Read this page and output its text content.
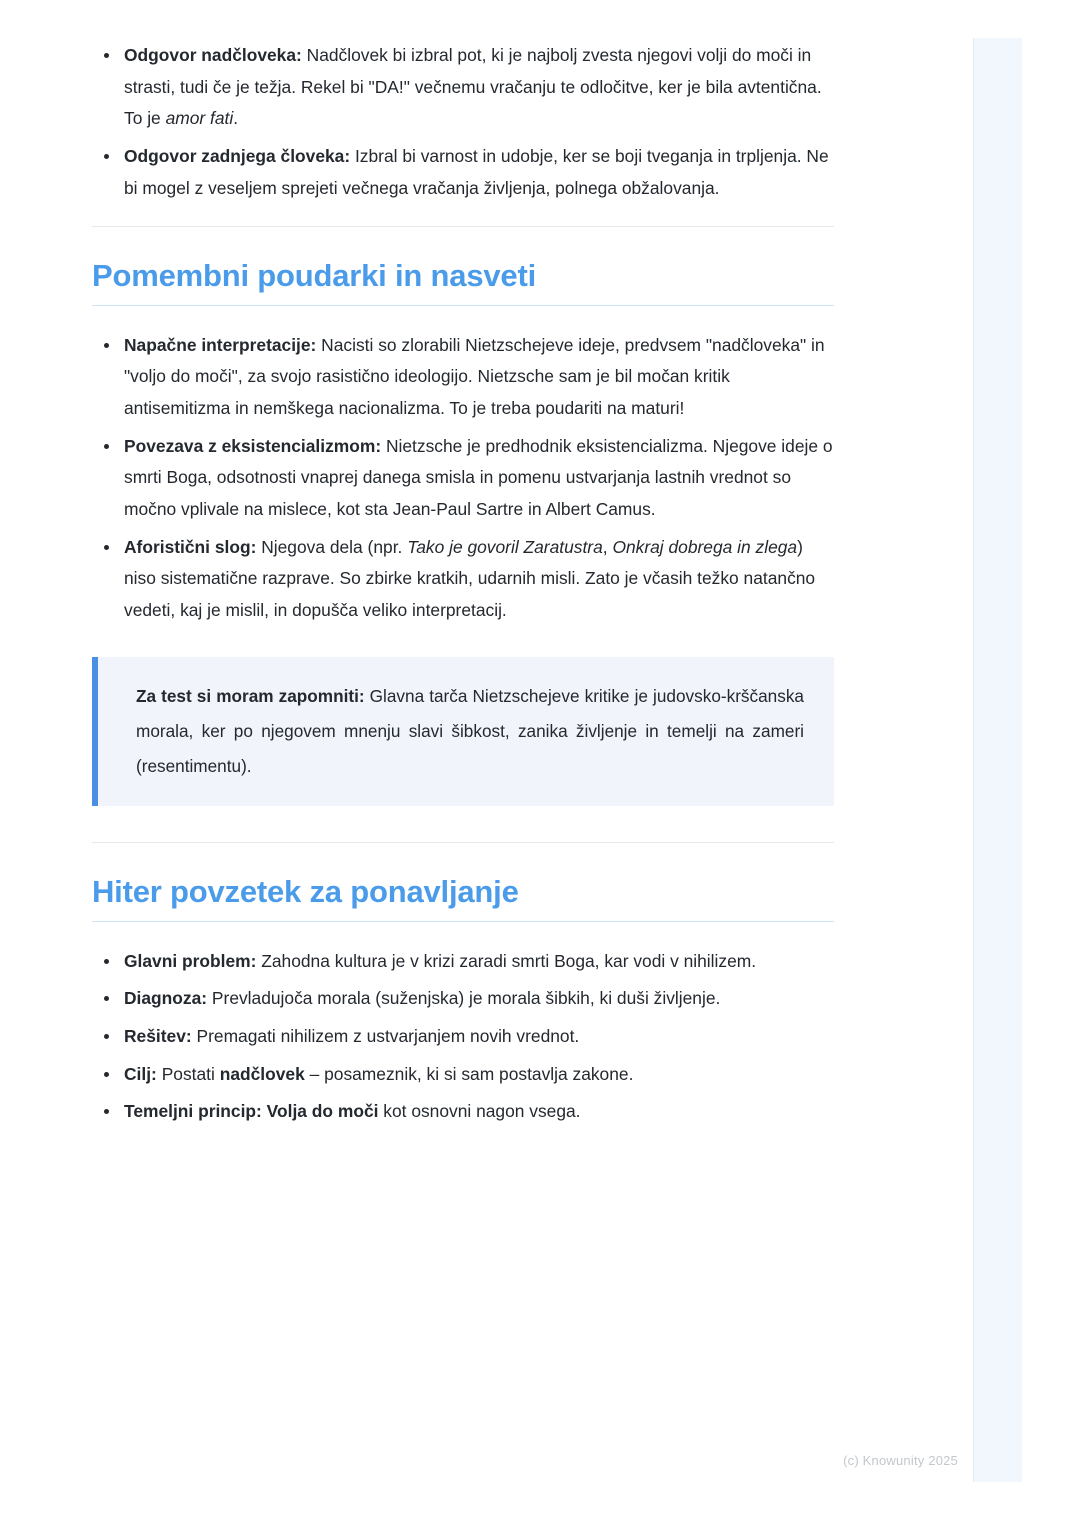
Odgovor nadčloveka: Nadčlovek bi izbral pot, ki je najbolj zvesta njegovi volji do moči in strasti, tudi če je težja. Rekel bi "DA!" večnemu vračanju te odločitve, ker je bila avtentična. To je amor fati.
Odgovor zadnjega človeka: Izbral bi varnost in udobje, ker se boji tveganja in trpljenja. Ne bi mogel z veseljem sprejeti večnega vračanja življenja, polnega obžalovanja.
Pomembni poudarki in nasveti
Napačne interpretacije: Nacisti so zlorabili Nietzschejeve ideje, predvsem "nadčloveka" in "voljo do moči", za svojo rasistično ideologijo. Nietzsche sam je bil močan kritik antisemitizma in nemškega nacionalizma. To je treba poudariti na maturi!
Povezava z eksistencializmom: Nietzsche je predhodnik eksistencializma. Njegove ideje o smrti Boga, odsotnosti vnaprej danega smisla in pomenu ustvarjanja lastnih vrednot so močno vplivale na mislece, kot sta Jean-Paul Sartre in Albert Camus.
Aforistični slog: Njegova dela (npr. Tako je govoril Zaratustra, Onkraj dobrega in zlega) niso sistematične razprave. So zbirke kratkih, udarnih misli. Zato je včasih težko natančno vedeti, kaj je mislil, in dopušča veliko interpretacij.

Za test si moram zapomniti: Glavna tarča Nietzschejeve kritike je judovsko-krščanska morala, ker po njegovem mnenju slavi šibkost, zanika življenje in temelji na zameri (resentimentu).

Hiter povzetek za ponavljanje
Glavni problem: Zahodna kultura je v krizi zaradi smrti Boga, kar vodi v nihilizem.
Diagnoza: Prevladujoča morala (suženjska) je morala šibkih, ki duši življenje.
Rešitev: Premagati nihilizem z ustvarjanjem novih vrednot.
Cilj: Postati nadčlovek – posameznik, ki si sam postavlja zakone.
Temeljni princip: Volja do moči kot osnovni nagon vsega.
(c) Knowunity 2025
